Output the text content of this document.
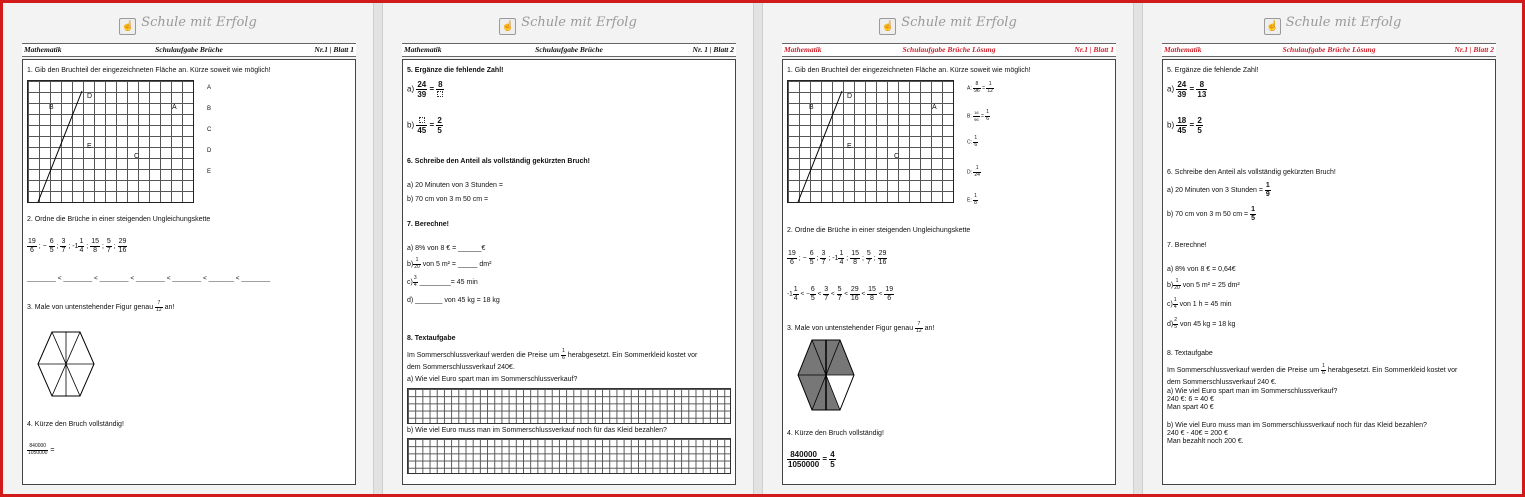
☝ Schule mit Erfolg
Mathematik	Schulaufgabe Brüche	Nr.1 | Blatt 1
1. Gib den Bruchteil der eingezeichneten Fläche an. Kürze soweit wie möglich!
B
D
A
E
C
A
B
C
D
E
2. Ordne die Brüche in einer steigenden Ungleichungskette
$\frac{19}{6}$ ; − $\frac{6}{5}$ ; $\frac{3}{7}$ ; $-1 \frac{1}{4}$ ; $\frac{15}{8}$ ; $\frac{5}{7}$ ; $\frac{29}{16}$
________ < ________ < ________ < ________ < ________ < _______ < ________
3. Male von untenstehender Figur genau $\frac{7}{12}$ an!
4. Kürze den Bruch vollständig!
$\frac{840000}{1050000}$ =
☝ Schule mit Erfolg
Mathematik	Schulaufgabe Brüche	Nr. 1 | Blatt 2
5. Ergänze die fehlende Zahl!
$a) \frac{24}{39}$ =
8
b)
45
= $\frac{2}{5}$
6. Schreibe den Anteil als vollständig gekürzten Bruch!
a) 20 Minuten von 3 Stunden =
b) 70 cm von 3 m 50 cm =
7. Berechne!
a) 8% von 8 € = ______€
$b) \frac{1}{20}$ von 5 m² = _____ dm²
$c) \frac{3}{4}$ ________= 45 min
d) _______ von 45 kg = 18 kg
8. Textaufgabe
Im Sommerschlussverkauf werden die Preise um $\frac{1}{6}$ herabgesetzt. Ein Sommerkleid kostet vor
dem Sommerschlussverkauf 240€.
a) Wie viel Euro spart man im Sommerschlussverkauf?
b) Wie viel Euro muss man im Sommerschlussverkauf noch für das Kleid bezahlen?
☝ Schule mit Erfolg
Mathematik	Schulaufgabe Brüche Lösung	Nr.1 | Blatt 1
1. Gib den Bruchteil der eingezeichneten Fläche an. Kürze soweit wie möglich!
B
D
A
E
C
A: $\frac{8}{96} = \frac{1}{12}$
B: $\frac{16}{96} = \frac{1}{6}$
C: $\frac{1}{6}$
D: $\frac{1}{24}$
E: $\frac{1}{8}$
2. Ordne die Brüche in einer steigenden Ungleichungskette
$\frac{19}{6}$ ; − $\frac{6}{5}$ ; $\frac{3}{7}$ ; $-1 \frac{1}{4}$ ; $\frac{15}{8}$ ; $\frac{5}{7}$ ; $\frac{29}{16}$
$-1 \frac{1}{4}$ < − $\frac{6}{5} < \frac{3}{7} < \frac{5}{7} < \frac{29}{16} < \frac{15}{8} < \frac{19}{6}$
3. Male von untenstehender Figur genau $\frac{7}{12}$ an!
4. Kürze den Bruch vollständig!
$\frac{840000}{1050000} = \frac{4}{5}$
☝ Schule mit Erfolg
Mathematik	Schulaufgabe Brüche Lösung	Nr.1 | Blatt 2
5. Ergänze die fehlende Zahl!
$a) \frac{24}{39} = \frac{8}{13}$
$b) \frac{18}{45} = \frac{2}{5}$
6. Schreibe den Anteil als vollständig gekürzten Bruch!
a) 20 Minuten von 3 Stunden = $\frac{1}{9}$
b) 70 cm von 3 m 50 cm = $\frac{1}{5}$
7. Berechne!
a) 8% von 8 € = 0,64€
$b) \frac{1}{20}$ von 5 m² = 25 dm²
$c) \frac{1}{4}$ von 1 h = 45 min
$d) \frac{2}{5}$ von 45 kg = 18 kg
8. Textaufgabe
Im Sommerschlussverkauf werden die Preise um $\frac{1}{6}$ herabgesetzt. Ein Sommerkleid kostet vor
dem Sommerschlussverkauf 240 €.
a) Wie viel Euro spart man im Sommerschlussverkauf?
240 €: 6 = 40 €
Man spart 40 €
b) Wie viel Euro muss man im Sommerschlussverkauf noch für das Kleid bezahlen?
240 € - 40€ = 200 €
Man bezahlt noch 200 €.
